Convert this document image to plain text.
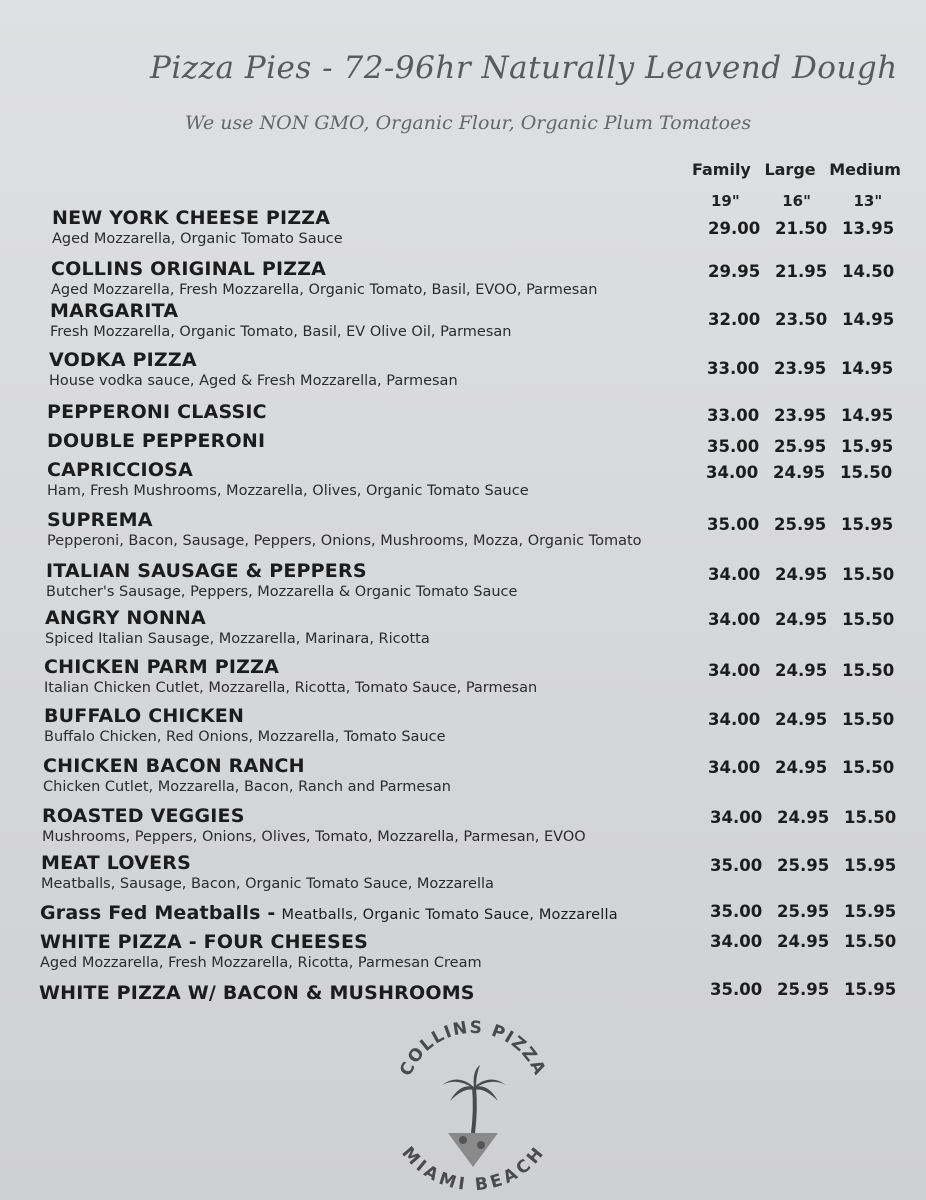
Pizza Pies - 72-96hr Naturally Leavend Dough
We use NON GMO, Organic Flour, Organic Plum Tomatoes
Family Large Medium
19"	16"	13"
NEW YORK CHEESE PIZZA
Aged Mozzarella, Organic Tomato Sauce
29.00 21.50 13.95
COLLINS ORIGINAL PIZZA
Aged Mozzarella, Fresh Mozzarella, Organic Tomato, Basil, EVOO, Parmesan
29.95 21.95 14.50
MARGARITA
Fresh Mozzarella, Organic Tomato, Basil, EV Olive Oil, Parmesan
32.00 23.50 14.95
VODKA PIZZA
House vodka sauce, Aged & Fresh Mozzarella, Parmesan
33.00 23.95 14.95
PEPPERONI CLASSIC	33.00 23.95 14.95
DOUBLE PEPPERONI	35.00 25.95 15.95
CAPRICCIOSA
Ham, Fresh Mushrooms, Mozzarella, Olives, Organic Tomato Sauce
34.00 24.95 15.50
SUPREMA
Pepperoni, Bacon, Sausage, Peppers, Onions, Mushrooms, Mozza, Organic Tomato
35.00 25.95 15.95
ITALIAN SAUSAGE & PEPPERS
Butcher's Sausage, Peppers, Mozzarella & Organic Tomato Sauce
34.00 24.95 15.50
ANGRY NONNA
Spiced Italian Sausage, Mozzarella, Marinara, Ricotta
34.00 24.95 15.50
CHICKEN PARM PIZZA
Italian Chicken Cutlet, Mozzarella, Ricotta, Tomato Sauce, Parmesan
34.00 24.95 15.50
BUFFALO CHICKEN
Buffalo Chicken, Red Onions, Mozzarella, Tomato Sauce
34.00 24.95 15.50
CHICKEN BACON RANCH
Chicken Cutlet, Mozzarella, Bacon, Ranch and Parmesan
34.00 24.95 15.50
ROASTED VEGGIES
Mushrooms, Peppers, Onions, Olives, Tomato, Mozzarella, Parmesan, EVOO
34.00 24.95 15.50
MEAT LOVERS
Meatballs, Sausage, Bacon, Organic Tomato Sauce, Mozzarella
35.00 25.95 15.95
Grass Fed Meatballs - Meatballs, Organic Tomato Sauce, Mozzarella	35.00 25.95 15.95
WHITE PIZZA - FOUR CHEESES
Aged Mozzarella, Fresh Mozzarella, Ricotta, Parmesan Cream
34.00 24.95 15.50
WHITE PIZZA W/ BACON & MUSHROOMS	35.00 25.95 15.95
COLLINS PIZZA
MIAMI BEACH
